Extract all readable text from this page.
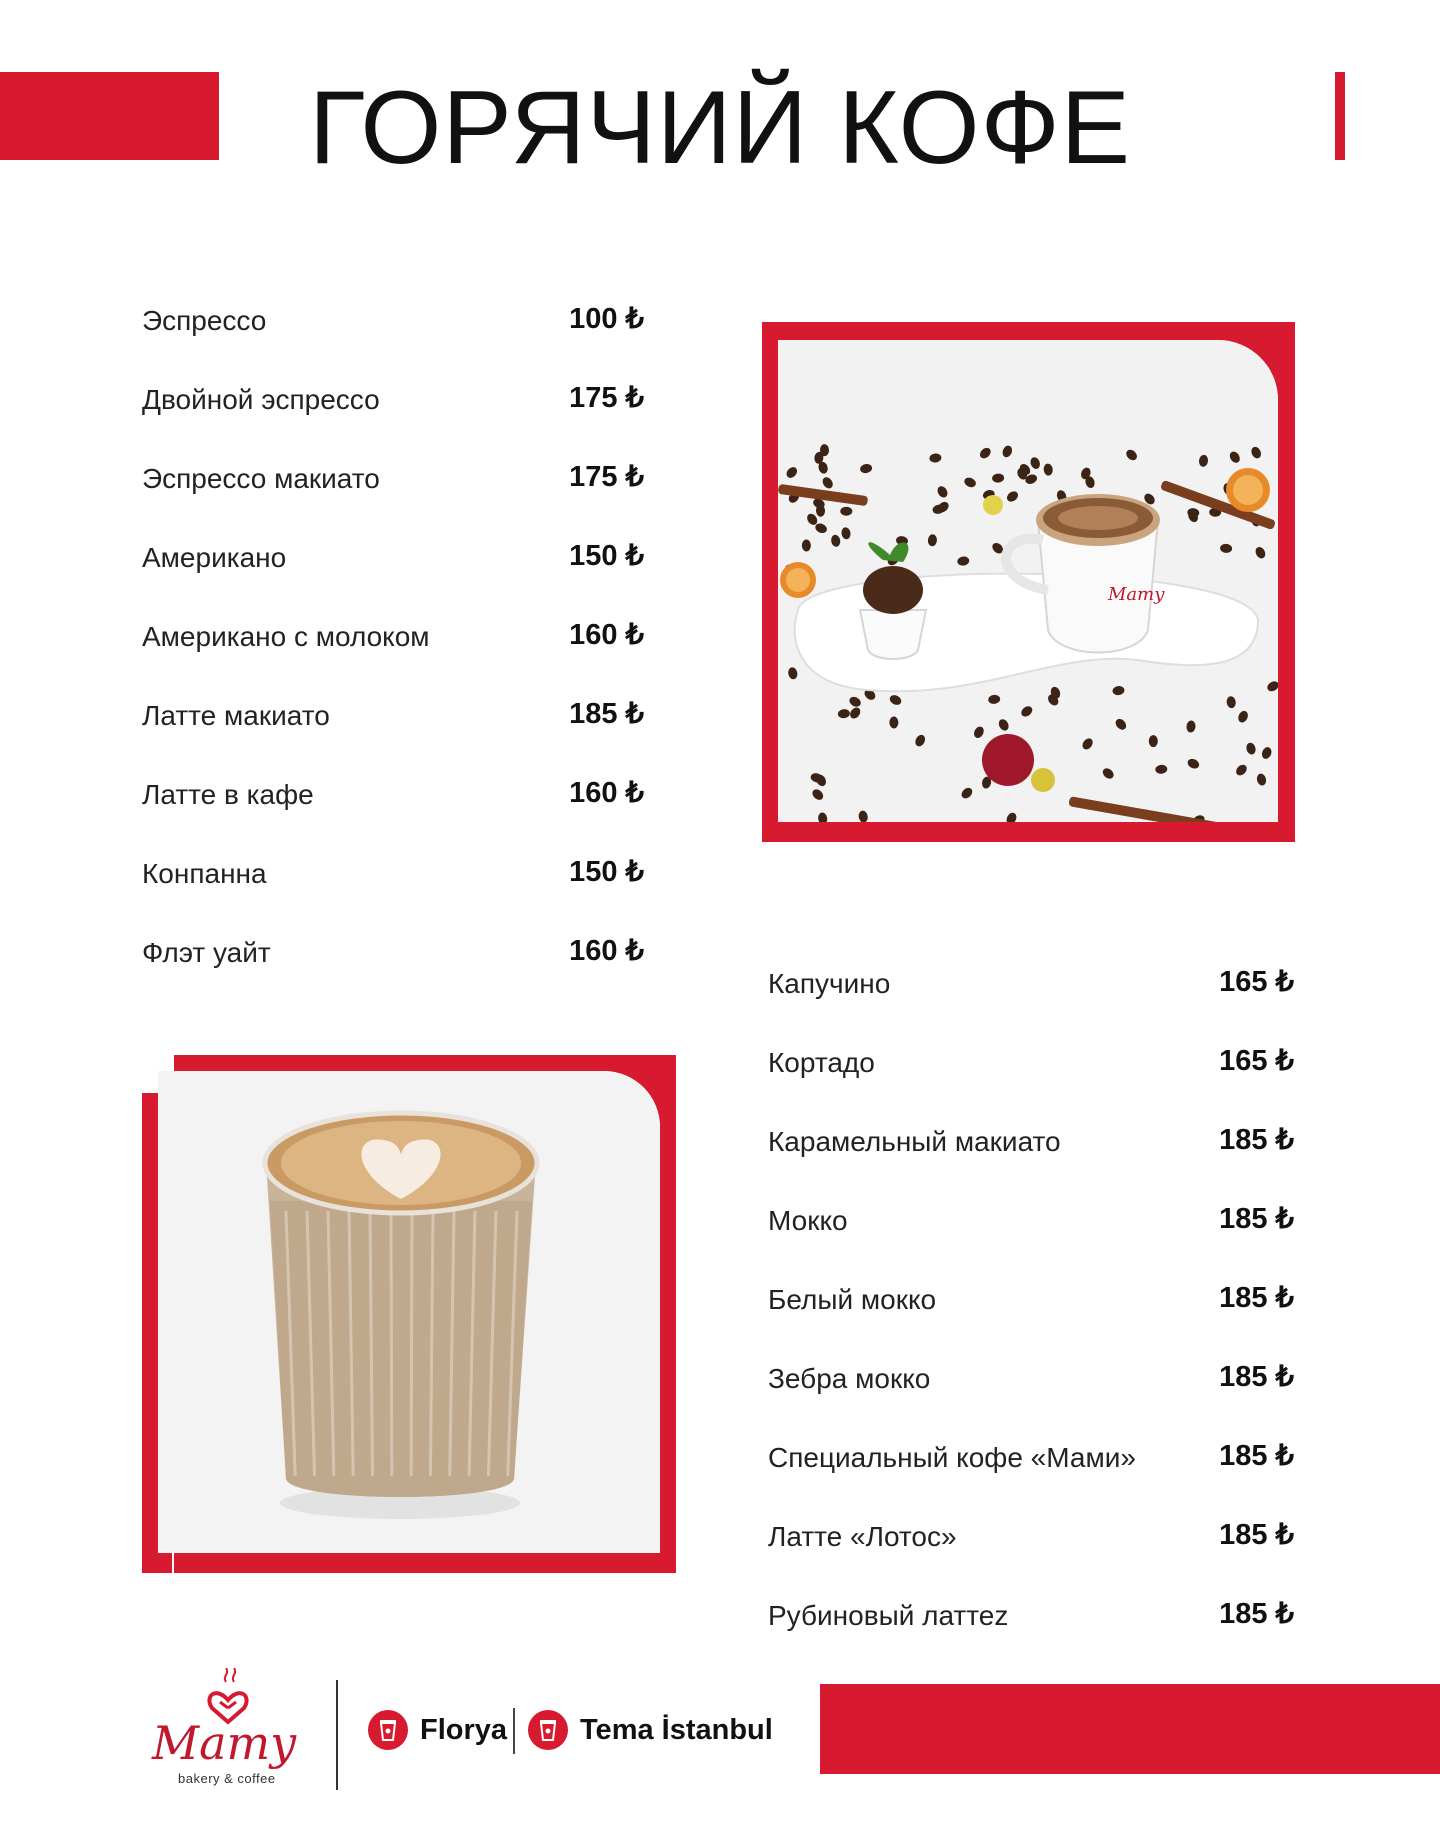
ГОРЯЧИЙ КОФЕ
Эспрессо	100 ₺
Двойной эспрессо	175 ₺
Эспрессо макиато	175 ₺
Американо	150 ₺
Американо с молоком	160 ₺
Латте макиато	185 ₺
Латте в кафе	160 ₺
Конпанна	150 ₺
Флэт уайт	160 ₺
Капучино	165 ₺
Кортадо	165 ₺
Карамельный макиато	185 ₺
Мокко	185 ₺
Белый мокко	185 ₺
Зебра мокко	185 ₺
Специальный кофе «Мами»	185 ₺
Латте «Лотос»	185 ₺
Рубиновый латтеz	185 ₺
Mamy
Mamy
bakery & coffee
Florya	Tema İstanbul
